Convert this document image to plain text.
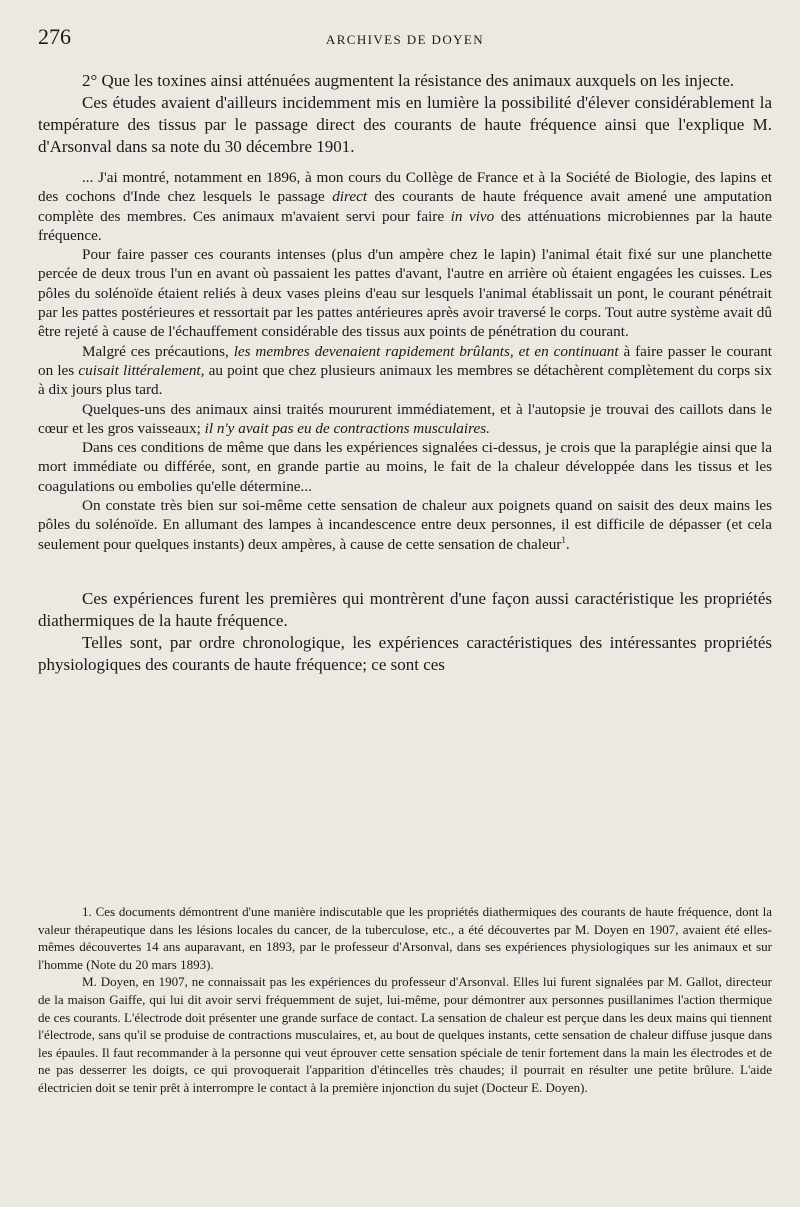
276	ARCHIVES DE DOYEN

2° Que les toxines ainsi atténuées augmentent la résistance des animaux auxquels on les injecte.

Ces études avaient d'ailleurs incidemment mis en lumière la possibilité d'élever considérablement la température des tissus par le passage direct des courants de haute fréquence ainsi que l'explique M. d'Arsonval dans sa note du 30 décembre 1901.

... J'ai montré, notamment en 1896, à mon cours du Collège de France et à la Société de Biologie, des lapins et des cochons d'Inde chez lesquels le passage direct des courants de haute fréquence avait amené une amputation complète des membres. Ces animaux m'avaient servi pour faire in vivo des atténuations microbiennes par la haute fréquence.

Pour faire passer ces courants intenses (plus d'un ampère chez le lapin) l'animal était fixé sur une planchette percée de deux trous l'un en avant où passaient les pattes d'avant, l'autre en arrière où étaient engagées les cuisses. Les pôles du solénoïde étaient reliés à deux vases pleins d'eau sur lesquels l'animal établissait un pont, le courant pénétrait par les pattes postérieures et ressortait par les pattes antérieures après avoir traversé le corps. Tout autre système avait dû être rejeté à cause de l'échauffement considérable des tissus aux points de pénétration du courant.

Malgré ces précautions, les membres devenaient rapidement brûlants, et en continuant à faire passer le courant on les cuisait littéralement, au point que chez plusieurs animaux les membres se détachèrent complètement du corps six à dix jours plus tard.

Quelques-uns des animaux ainsi traités moururent immédiatement, et à l'autopsie je trouvai des caillots dans le cœur et les gros vaisseaux; il n'y avait pas eu de contractions musculaires.

Dans ces conditions de même que dans les expériences signalées ci-dessus, je crois que la paraplégie ainsi que la mort immédiate ou différée, sont, en grande partie au moins, le fait de la chaleur développée dans les tissus et les coagulations ou embolies qu'elle détermine...

On constate très bien sur soi-même cette sensation de chaleur aux poignets quand on saisit des deux mains les pôles du solénoïde. En allumant des lampes à incandescence entre deux personnes, il est difficile de dépasser (et cela seulement pour quelques instants) deux ampères, à cause de cette sensation de chaleur$^1$.

Ces expériences furent les premières qui montrèrent d'une façon aussi caractéristique les propriétés diathermiques de la haute fréquence.

Telles sont, par ordre chronologique, les expériences caractéristiques des intéressantes propriétés physiologiques des courants de haute fréquence; ce sont ces

1. Ces documents démontrent d'une manière indiscutable que les propriétés diathermiques des courants de haute fréquence, dont la valeur thérapeutique dans les lésions locales du cancer, de la tuberculose, etc., a été découvertes par M. Doyen en 1907, avaient été elles-mêmes découvertes 14 ans auparavant, en 1893, par le professeur d'Arsonval, dans ses expériences physiologiques sur les animaux et sur l'homme (Note du 20 mars 1893).

M. Doyen, en 1907, ne connaissait pas les expériences du professeur d'Arsonval. Elles lui furent signalées par M. Gallot, directeur de la maison Gaiffe, qui lui dit avoir servi fréquemment de sujet, lui-même, pour démontrer aux personnes pusillanimes l'action thermique de ces courants. L'électrode doit présenter une grande surface de contact. La sensation de chaleur est perçue dans les deux mains qui tiennent l'électrode, sans qu'il se produise de contractions musculaires, et, au bout de quelques instants, cette sensation de chaleur diffuse jusque dans les épaules. Il faut recommander à la personne qui veut éprouver cette sensation spéciale de tenir fortement dans la main les électrodes et de ne pas desserrer les doigts, ce qui provoquerait l'apparition d'étincelles très chaudes; il pourrait en résulter une petite brûlure. L'aide électricien doit se tenir prêt à interrompre le contact à la première injonction du sujet (Docteur E. Doyen).
